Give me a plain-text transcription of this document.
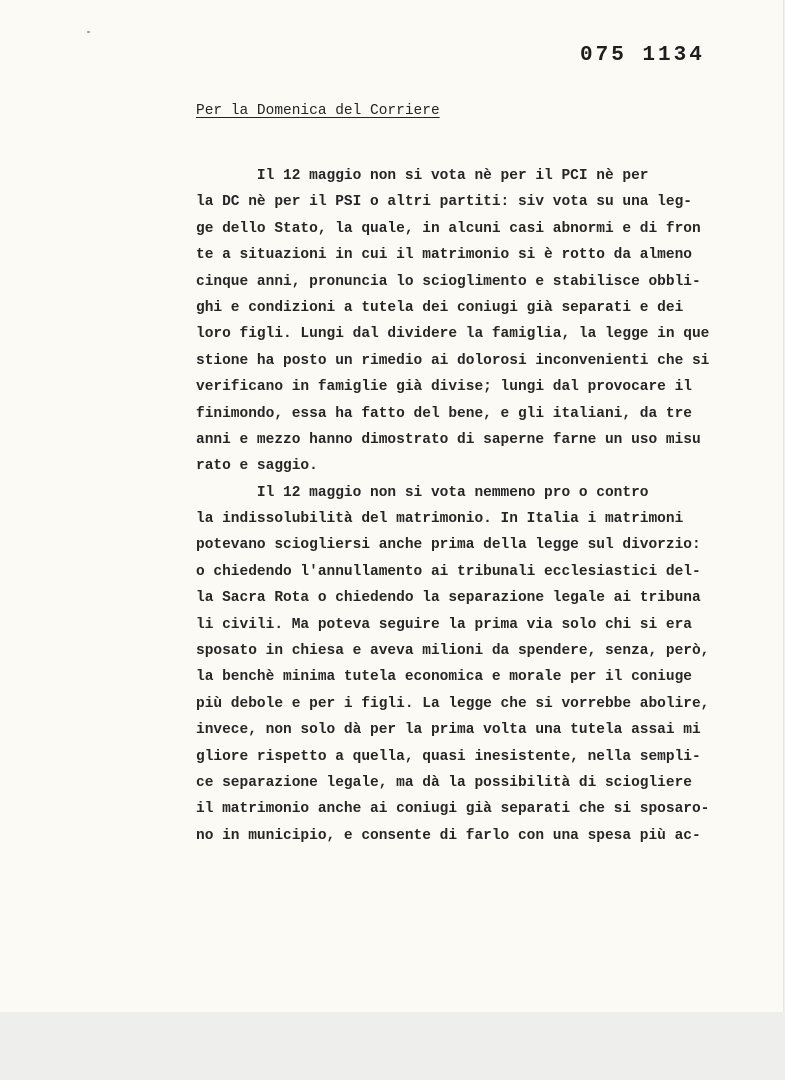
075 1134

Per la Domenica del Corriere
Il 12 maggio non si vota nè per il PCI nè per
la DC nè per il PSI o altri partiti: siv vota su una leg-
ge dello Stato, la quale, in alcuni casi abnormi e di fron
te a situazioni in cui il matrimonio si è rotto da almeno
cinque anni, pronuncia lo scioglimento e stabilisce obbli-
ghi e condizioni a tutela dei coniugi già separati e dei
loro figli. Lungi dal dividere la famiglia, la legge in que
stione ha posto un rimedio ai dolorosi inconvenienti che si
verificano in famiglie già divise; lungi dal provocare il
finimondo, essa ha fatto del bene, e gli italiani, da tre
anni e mezzo hanno dimostrato di saperne farne un uso misu
rato e saggio.
Il 12 maggio non si vota nemmeno pro o contro
la indissolubilità del matrimonio. In Italia i matrimoni
potevano sciogliersi anche prima della legge sul divorzio:
o chiedendo l'annullamento ai tribunali ecclesiastici del-
la Sacra Rota o chiedendo la separazione legale ai tribuna
li civili. Ma poteva seguire la prima via solo chi si era
sposato in chiesa e aveva milioni da spendere, senza, però,
la benchè minima tutela economica e morale per il coniuge
più debole e per i figli. La legge che si vorrebbe abolire,
invece, non solo dà per la prima volta una tutela assai mi
gliore rispetto a quella, quasi inesistente, nella sempli-
ce separazione legale, ma dà la possibilità di sciogliere
il matrimonio anche ai coniugi già separati che si sposaro-
no in municipio, e consente di farlo con una spesa più ac-
